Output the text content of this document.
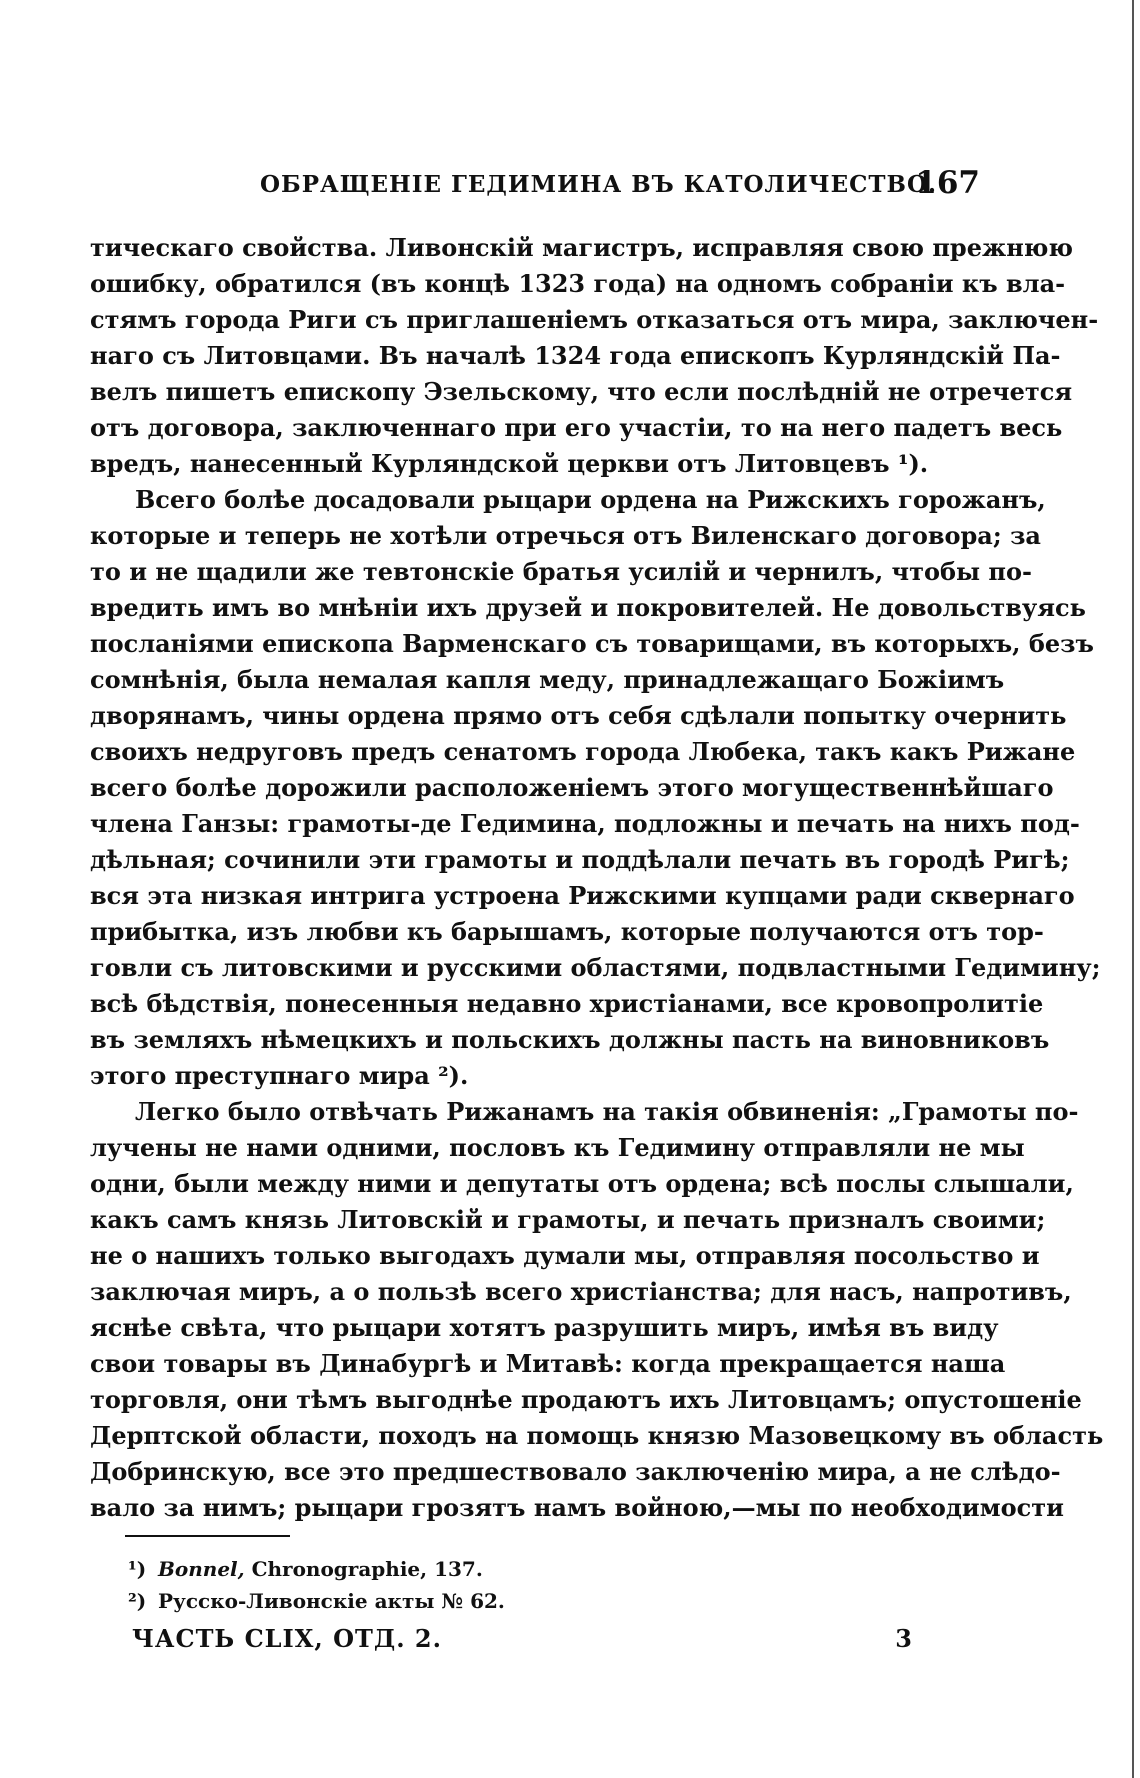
ОБРАЩЕНІЕ ГЕДИМИНА ВЪ КАТОЛИЧЕСТВО.
167
тическаго свойства. Ливонскій магистръ, исправляя свою прежнюю
ошибку, обратился (въ концѣ 1323 года) на одномъ собраніи къ вла-
стямъ города Риги съ приглашеніемъ отказаться отъ мира, заключен-
наго съ Литовцами. Въ началѣ 1324 года епископъ Курляндскій Па-
велъ пишетъ епископу Эзельскому, что если послѣдній не отречется
отъ договора, заключеннаго при его участіи, то на него падетъ весь
вредъ, нанесенный Курляндской церкви отъ Литовцевъ ¹).
Всего болѣе досадовали рыцари ордена на Рижскихъ горожанъ,
которые и теперь не хотѣли отречься отъ Виленскаго договора; за
то и не щадили же тевтонскіе братья усилій и чернилъ, чтобы по-
вредить имъ во мнѣніи ихъ друзей и покровителей. Не довольствуясь
посланіями епископа Варменскаго съ товарищами, въ которыхъ, безъ
сомнѣнія, была немалая капля меду, принадлежащаго Божіимъ
дворянамъ, чины ордена прямо отъ себя сдѣлали попытку очернить
своихъ недруговъ предъ сенатомъ города Любека, такъ какъ Рижане
всего болѣе дорожили расположеніемъ этого могущественнѣйшаго
члена Ганзы: грамоты-де Гедимина, подложны и печать на нихъ под-
дѣльная; сочинили эти грамоты и поддѣлали печать въ городѣ Ригѣ;
вся эта низкая интрига устроена Рижскими купцами ради сквернаго
прибытка, изъ любви къ барышамъ, которые получаются отъ тор-
говли съ литовскими и русскими областями, подвластными Гедимину;
всѣ бѣдствія, понесенныя недавно христіанами, все кровопролитіе
въ земляхъ нѣмецкихъ и польскихъ должны пасть на виновниковъ
этого преступнаго мира ²).
Легко было отвѣчать Рижанамъ на такія обвиненія: „Грамоты по-
лучены не нами одними, пословъ къ Гедимину отправляли не мы
одни, были между ними и депутаты отъ ордена; всѣ послы слышали,
какъ самъ князь Литовскій и грамоты, и печать призналъ своими;
не о нашихъ только выгодахъ думали мы, отправляя посольство и
заключая миръ, а о пользѣ всего христіанства; для насъ, напротивъ,
яснѣе свѣта, что рыцари хотятъ разрушить миръ, имѣя въ виду
свои товары въ Динабургѣ и Митавѣ: когда прекращается наша
торговля, они тѣмъ выгоднѣе продаютъ ихъ Литовцамъ; опустошеніе
Дерптской области, походъ на помощь князю Мазовецкому въ область
Добринскую, все это предшествовало заключенію мира, а не слѣдо-
вало за нимъ; рыцари грозятъ намъ войною,—мы по необходимости
¹) Bonnel, Chronographie, 137.
²) Русско-Ливонскіе акты № 62.
ЧАСТЬ CLIX, ОТД. 2.	3
